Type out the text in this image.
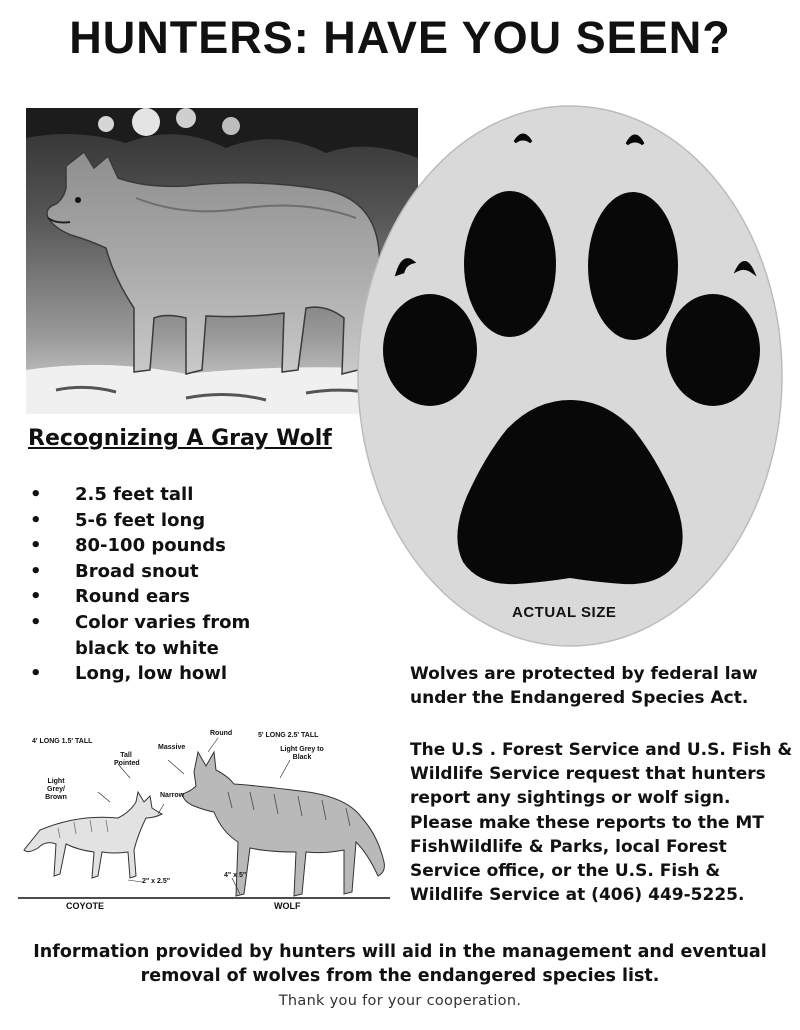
HUNTERS: HAVE YOU SEEN?
Recognizing A Gray Wolf
• 2.5 feet tall
• 5-6 feet long
• 80-100 pounds
• Broad snout
• Round ears
• Color varies from black to white
• Long, low howl
ACTUAL SIZE
Wolves are protected by federal law under the Endangered Species Act.
The U.S . Forest Service and U.S. Fish & Wildlife Service request that hunters report any sightings or wolf sign. Please make these reports to the MT FishWildlife & Parks, local Forest Service office, or the U.S. Fish & Wildlife Service at (406) 449-5225.
4' LONG 1.5' TALL
5' LONG 2.5' TALL
Tall Pointed
Round
Light Grey/ Brown
Light Grey to Black
Massive
Narrow
2" x 2.5"
4" x 5"
COYOTE	WOLF
Information provided by hunters will aid in the management and eventual removal of wolves from the endangered species list.
Thank you for your cooperation.
